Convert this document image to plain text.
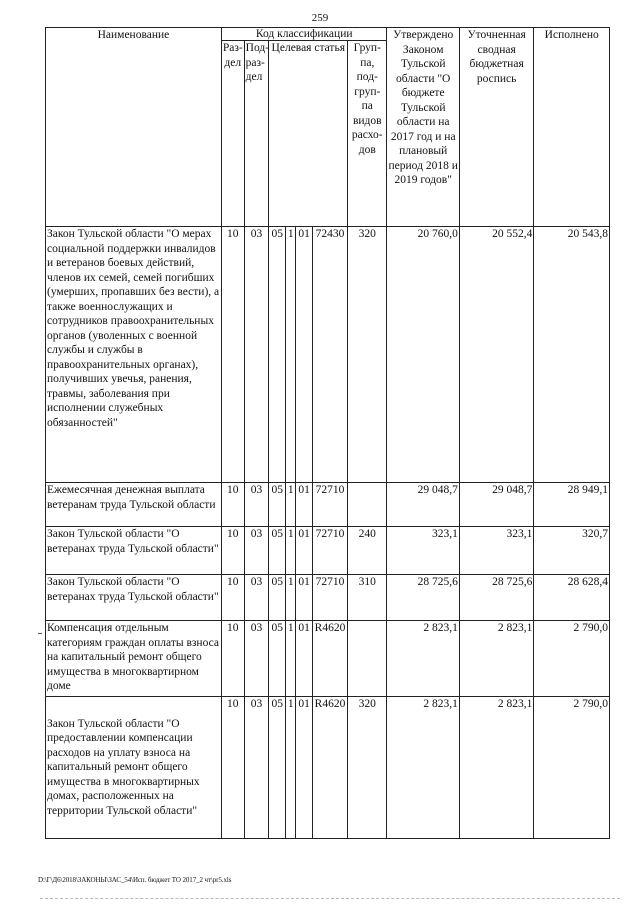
259
Наименование	Код классификации							Утверждено Законом Тульской области "О бюджете Тульской области на 2017 год и на плановый период 2018 и 2019 годов"	Уточненная сводная бюджетная роспись	Исполнено
	Раз- дел	Под- раз- дел	Целевая статья				Груп- па, под- груп- па видов расхо- дов			
Закон Тульской области "О мерах социальной поддержки инвалидов и ветеранов боевых действий, членов их семей, семей погибших (умерших, пропавших без вести), а также военнослужащих и сотрудников правоохранительных органов (уволенных с военной службы и службы в правоохранительных органах), получивших увечья, ранения, травмы, заболевания при исполнении служебных обязанностей"	10	03	05	1	01	72430	320	20 760,0	20 552,4	20 543,8
Ежемесячная денежная выплата ветеранам труда Тульской области	10	03	05	1	01	72710		29 048,7	29 048,7	28 949,1
Закон Тульской области "О ветеранах труда Тульской области"	10	03	05	1	01	72710	240	323,1	323,1	320,7
Закон Тульской области "О ветеранах труда Тульской области"	10	03	05	1	01	72710	310	28 725,6	28 725,6	28 628,4
Компенсация отдельным категориям граждан оплаты взноса на капитальный ремонт общего имущества в многоквартирном доме	10	03	05	1	01	R4620		2 823,1	2 823,1	2 790,0
Закон Тульской области "О предоставлении компенсации расходов на уплату взноса на капитальный ремонт общего имущества в многоквартирных домах, расположенных на территории Тульской области"	10	03	05	1	01	R4620	320	2 823,1	2 823,1	2 790,0
D:\Г\Д6\2018\ЗАКОНЫ\ЗАС_54\Исп. бюджет ТО 2017_2 чт\pr5.xls
